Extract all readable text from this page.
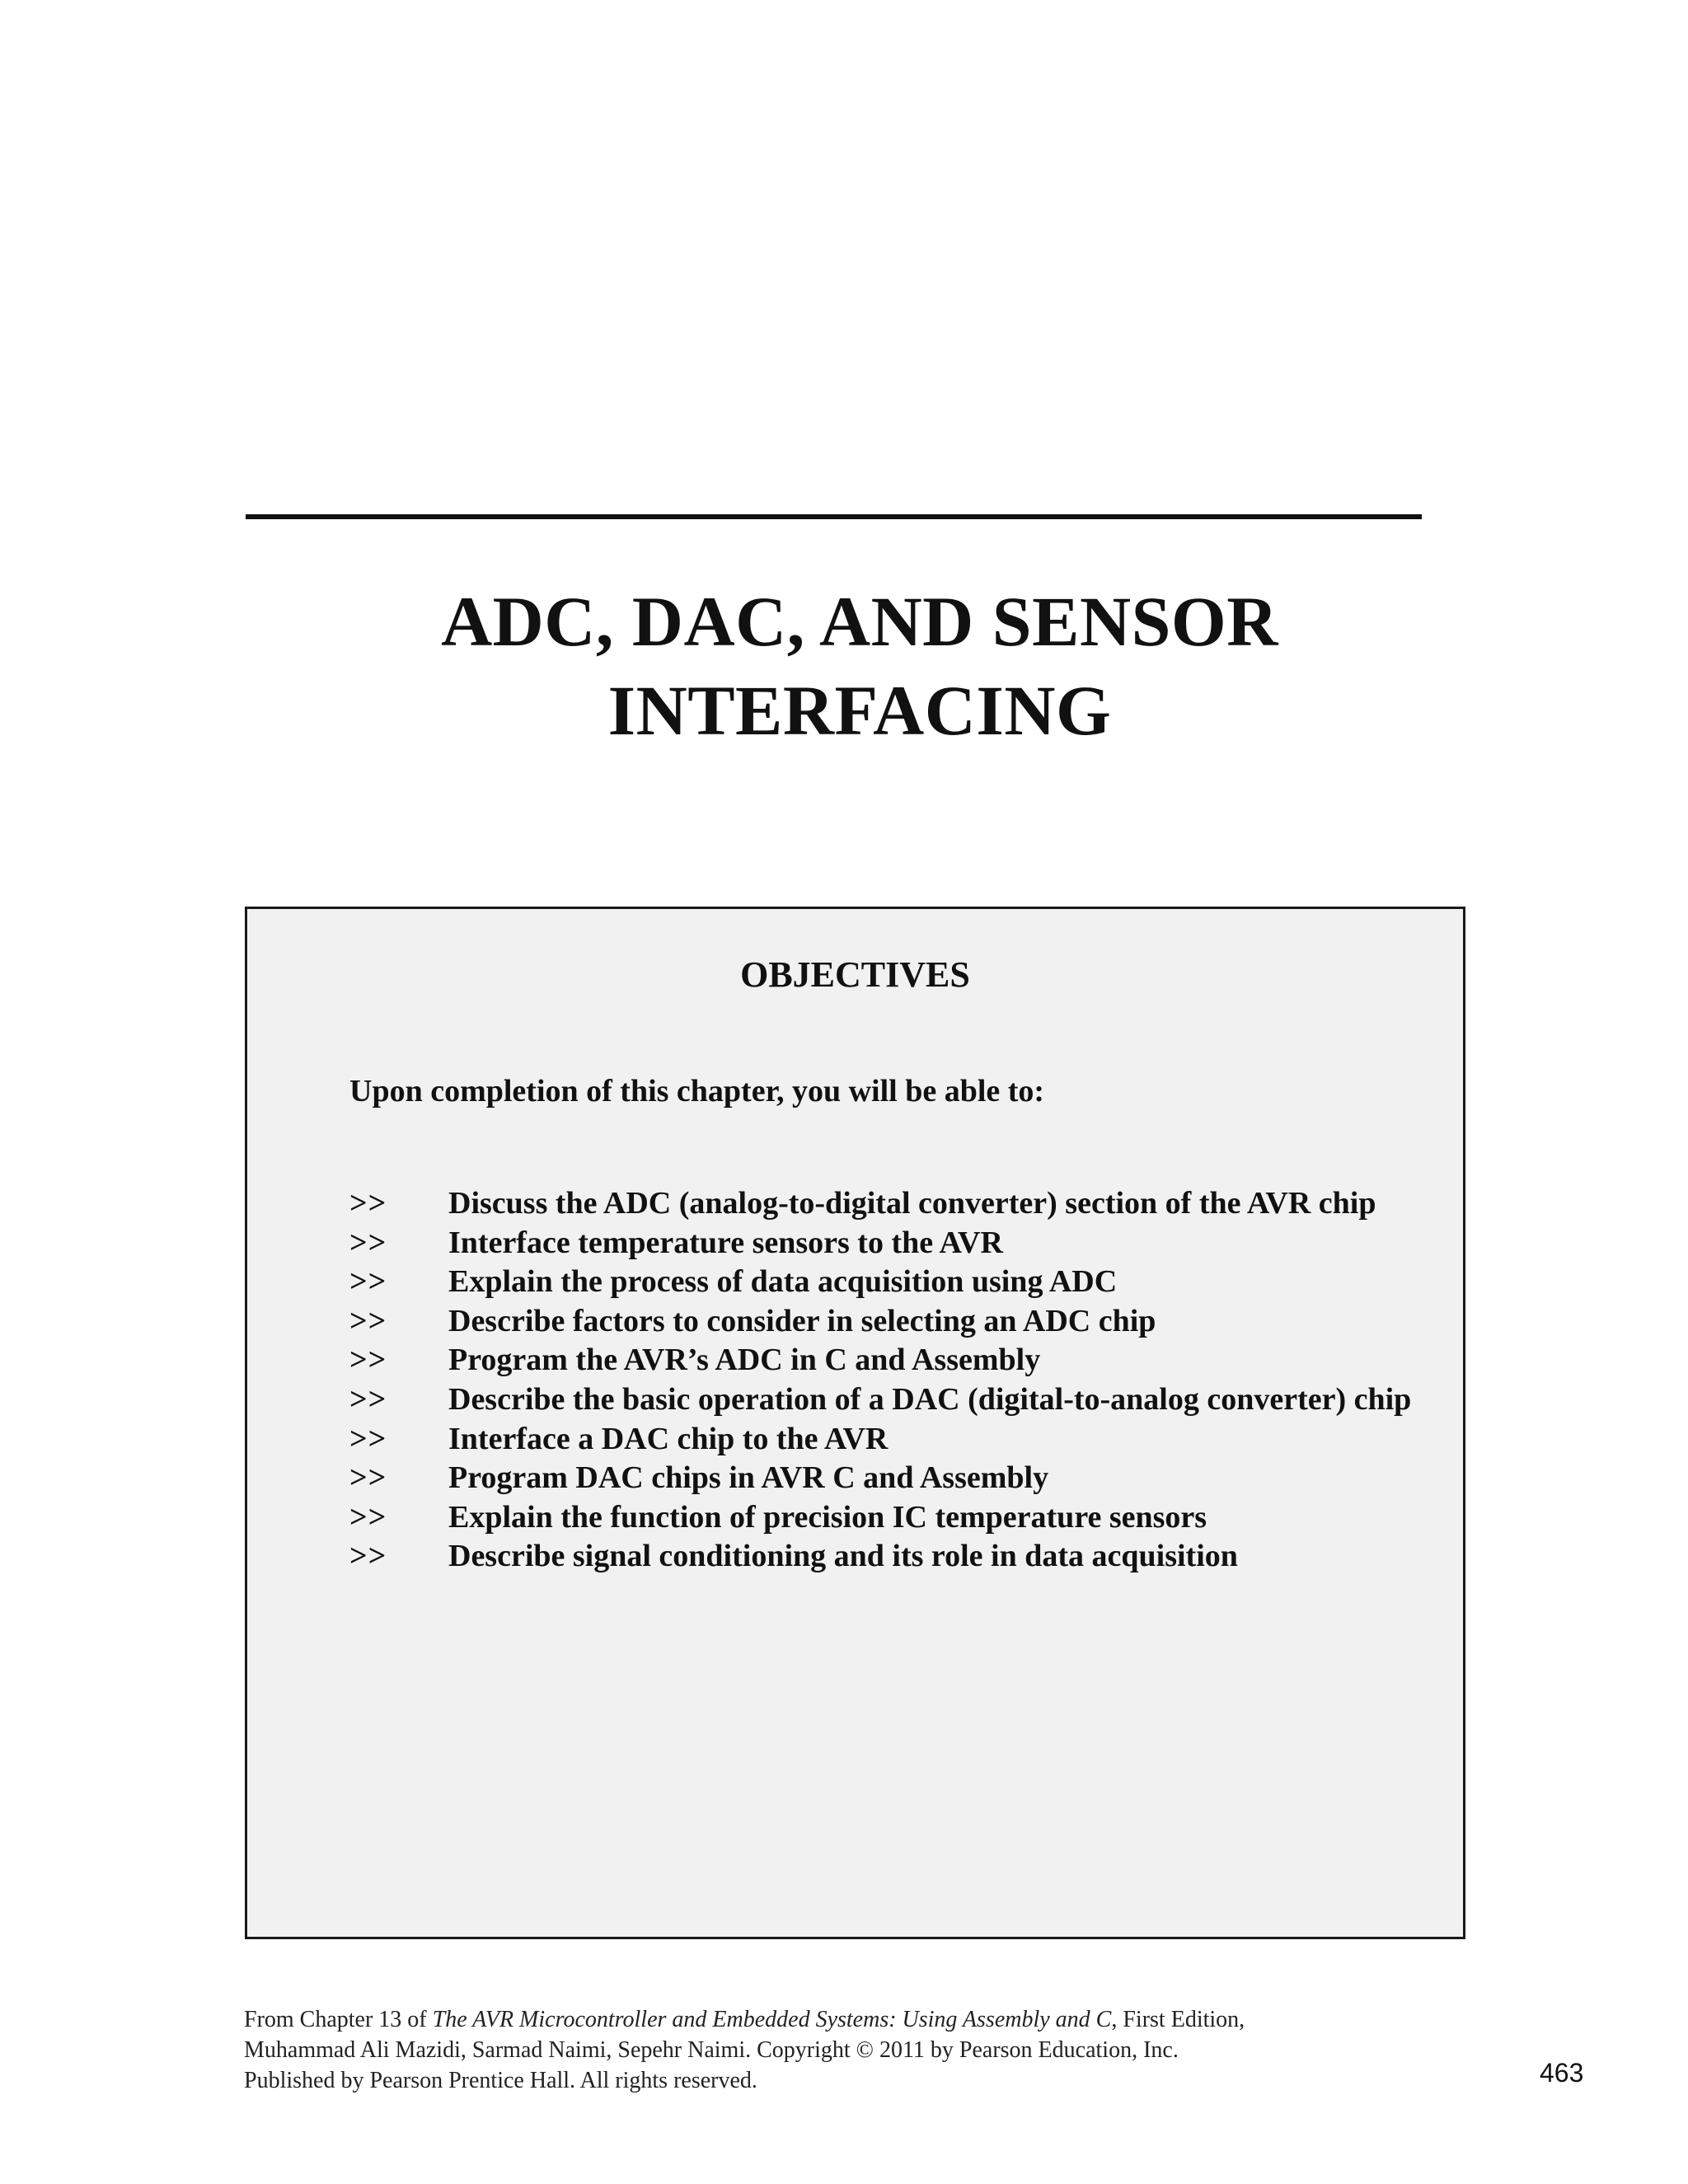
ADC, DAC, AND SENSOR
INTERFACING
OBJECTIVES

Upon completion of this chapter, you will be able to:

>>	Discuss the ADC (analog-to-digital converter) section of the AVR chip
>>	Interface temperature sensors to the AVR
>>	Explain the process of data acquisition using ADC
>>	Describe factors to consider in selecting an ADC chip
>>	Program the AVR’s ADC in C and Assembly
>>	Describe the basic operation of a DAC (digital-to-analog converter) chip
>>	Interface a DAC chip to the AVR
>>	Program DAC chips in AVR C and Assembly
>>	Explain the function of precision IC temperature sensors
>>	Describe signal conditioning and its role in data acquisition

From Chapter 13 of The AVR Microcontroller and Embedded Systems: Using Assembly and C, First Edition,
Muhammad Ali Mazidi, Sarmad Naimi, Sepehr Naimi. Copyright © 2011 by Pearson Education, Inc.
Published by Pearson Prentice Hall. All rights reserved.	463
